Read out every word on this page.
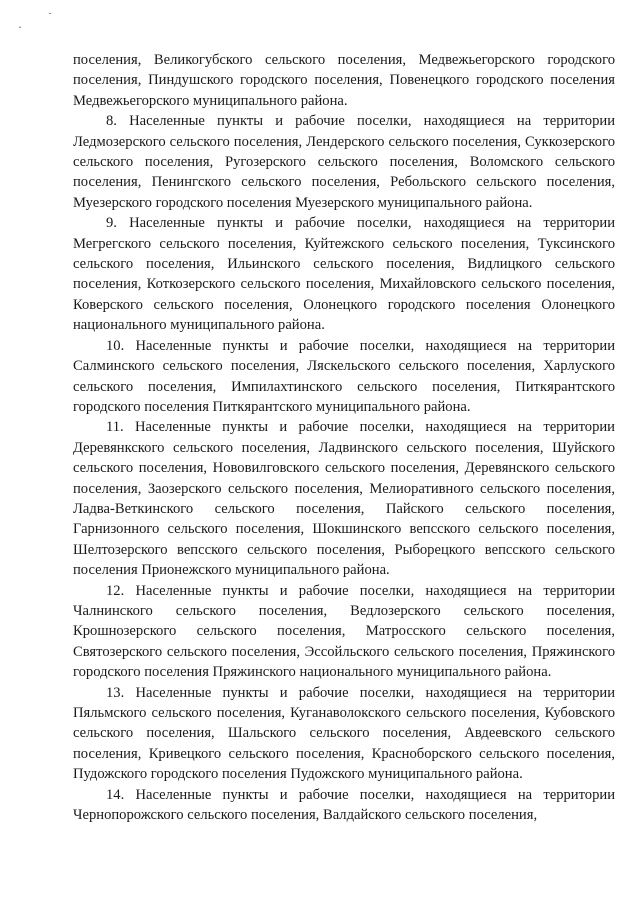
˘
ˇ

поселения, Великогубского сельского поселения, Медвежьегорского городского поселения, Пиндушского городского поселения, Повенецкого городского поселения Медвежьегорского муниципального района.

8. Населенные пункты и рабочие поселки, находящиеся на территории Ледмозерского сельского поселения, Лендерского сельского поселения, Суккозерского сельского поселения, Ругозерского сельского поселения, Воломского сельского поселения, Пенингского сельского поселения, Ребольского сельского поселения, Муезерского городского поселения Муезерского муниципального района.

9. Населенные пункты и рабочие поселки, находящиеся на территории Мегрегского сельского поселения, Куйтежского сельского поселения, Туксинского сельского поселения, Ильинского сельского поселения, Видлицкого сельского поселения, Коткозерского сельского поселения, Михайловского сельского поселения, Коверского сельского поселения, Олонецкого городского поселения Олонецкого национального муниципального района.

10. Населенные пункты и рабочие поселки, находящиеся на территории Салминского сельского поселения, Ляскельского сельского поселения, Харлуского сельского поселения, Импилахтинского сельского поселения, Питкярантского городского поселения Питкярантского муниципального района.

11. Населенные пункты и рабочие поселки, находящиеся на территории Деревянкского сельского поселения, Ладвинского сельского поселения, Шуйского сельского поселения, Нововилговского сельского поселения, Деревянского сельского поселения, Заозерского сельского поселения, Мелиоративного сельского поселения, Ладва-Веткинского сельского поселения, Пайского сельского поселения, Гарнизонного сельского поселения, Шокшинского вепсского сельского поселения, Шелтозерского вепсского сельского поселения, Рыборецкого вепсского сельского поселения Прионежского муниципального района.

12. Населенные пункты и рабочие поселки, находящиеся на территории Чалнинского сельского поселения, Ведлозерского сельского поселения, Крошнозерского сельского поселения, Матросского сельского поселения, Святозерского сельского поселения, Эссойльского сельского поселения, Пряжинского городского поселения Пряжинского национального муниципального района.

13. Населенные пункты и рабочие поселки, находящиеся на территории Пяльмского сельского поселения, Куганаволокского сельского поселения, Кубовского сельского поселения, Шальского сельского поселения, Авдеевского сельского поселения, Кривецкого сельского поселения, Красноборского сельского поселения, Пудожского городского поселения Пудожского муниципального района.

14. Населенные пункты и рабочие поселки, находящиеся на территории Чернопорожского сельского поселения, Валдайского сельского поселения,
